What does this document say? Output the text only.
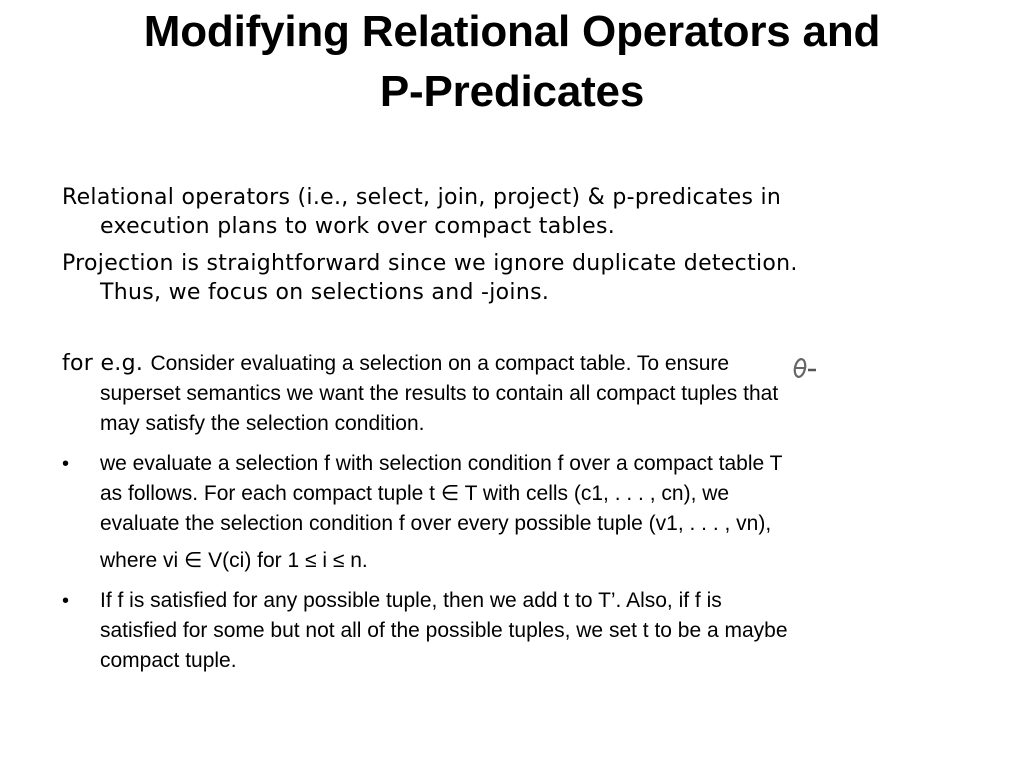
Modifying Relational Operators and
P-Predicates
Relational operators (i.e., select, join, project) & p-predicates in
execution plans to work over compact tables.
Projection is straightforward since we ignore duplicate detection.
Thus, we focus on selections and -joins.
for e.g. Consider evaluating a selection on a compact table. To ensure
superset semantics we want the results to contain all compact tuples that
may satisfy the selection condition.
•	we evaluate a selection f with selection condition f over a compact table T
as follows. For each compact tuple t ∈ T with cells (c1, . . . , cn), we
evaluate the selection condition f over every possible tuple (v1, . . . , vn),
where vi ∈ V(ci) for 1 ≤ i ≤ n.
•	If f is satisfied for any possible tuple, then we add t to T’. Also, if f is
satisfied for some but not all of the possible tuples, we set t to be a maybe
compact tuple.
